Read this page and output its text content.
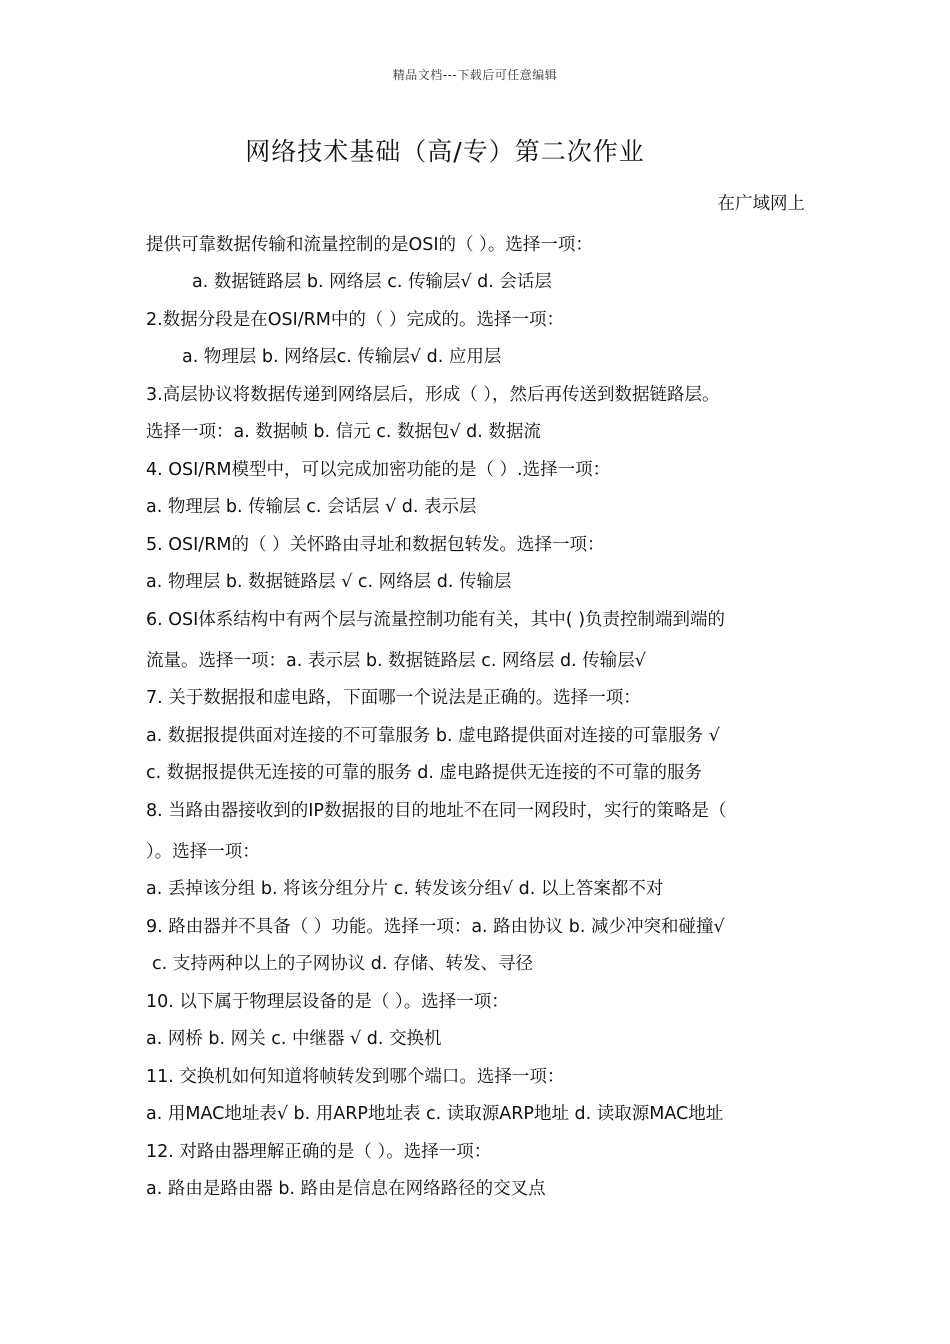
精品文档---下载后可任意编辑
网络技术基础（高/专）第二次作业
在广域网上
提供可靠数据传输和流量控制的是OSI的（ ）。选择一项：
a. 数据链路层 b. 网络层 c. 传输层√ d. 会话层
2.数据分段是在OSI/RM中的（ ）完成的。选择一项：
a. 物理层 b. 网络层c. 传输层√ d. 应用层
3.高层协议将数据传递到网络层后，形成（ ），然后再传送到数据链路层。
选择一项：a. 数据帧 b. 信元 c. 数据包√ d. 数据流
4. OSI/RM模型中，可以完成加密功能的是（ ）.选择一项：
a. 物理层 b. 传输层 c. 会话层 √ d. 表示层
5. OSI/RM的（ ）关怀路由寻址和数据包转发。选择一项：
a. 物理层 b. 数据链路层 √ c. 网络层 d. 传输层
6. OSI体系结构中有两个层与流量控制功能有关，其中( )负责控制端到端的
流量。选择一项：a. 表示层 b. 数据链路层 c. 网络层 d. 传输层√
7. 关于数据报和虚电路，下面哪一个说法是正确的。选择一项：
a. 数据报提供面对连接的不可靠服务 b. 虚电路提供面对连接的可靠服务 √
c. 数据报提供无连接的可靠的服务 d. 虚电路提供无连接的不可靠的服务
8. 当路由器接收到的IP数据报的目的地址不在同一网段时，实行的策略是（
）。选择一项：
a. 丢掉该分组 b. 将该分组分片 c. 转发该分组√ d. 以上答案都不对
9. 路由器并不具备（ ）功能。选择一项：a. 路由协议 b. 减少冲突和碰撞√
c. 支持两种以上的子网协议 d. 存储、转发、寻径
10. 以下属于物理层设备的是（ ）。选择一项：
a. 网桥 b. 网关 c. 中继器 √ d. 交换机
11. 交换机如何知道将帧转发到哪个端口。选择一项：
a. 用MAC地址表√ b. 用ARP地址表 c. 读取源ARP地址 d. 读取源MAC地址
12. 对路由器理解正确的是（ ）。选择一项：
a. 路由是路由器 b. 路由是信息在网络路径的交叉点
